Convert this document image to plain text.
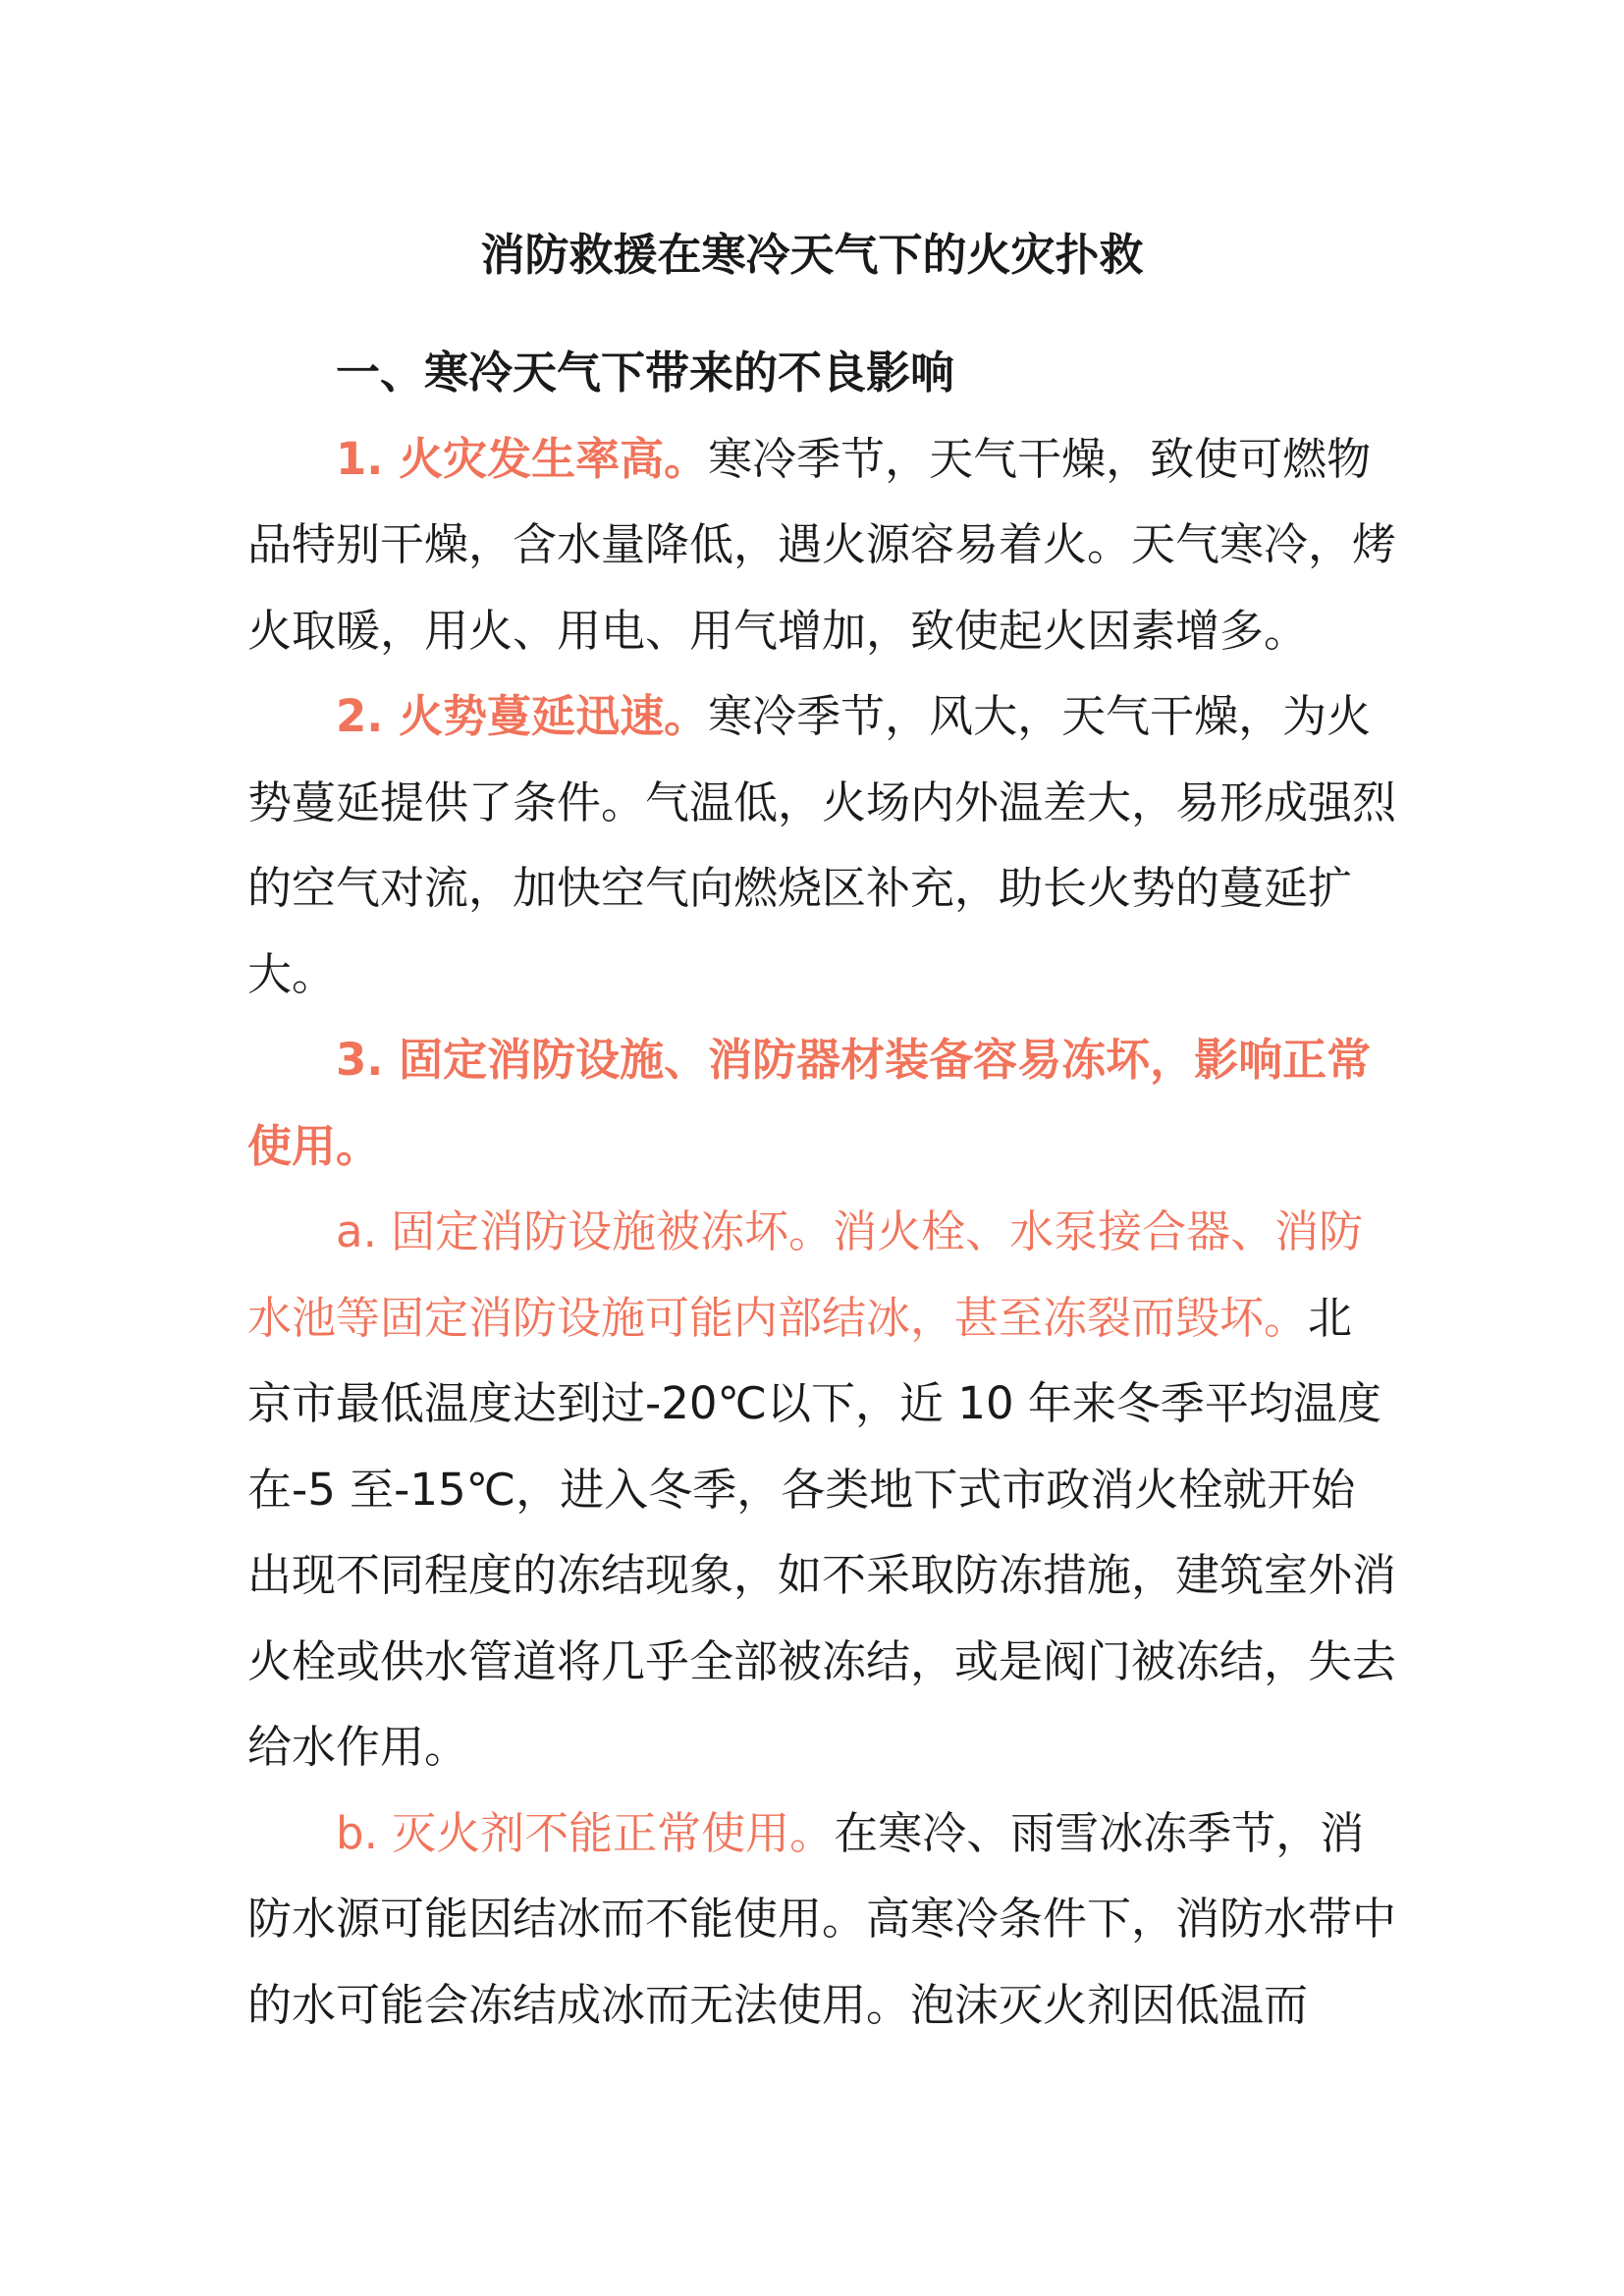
消防救援在寒冷天气下的火灾扑救

一、寒冷天气下带来的不良影响

1. 火灾发生率高。寒冷季节，天气干燥，致使可燃物品特别干燥，含水量降低，遇火源容易着火。天气寒冷，烤火取暖，用火、用电、用气增加，致使起火因素增多。

2. 火势蔓延迅速。寒冷季节，风大，天气干燥，为火势蔓延提供了条件。气温低，火场内外温差大，易形成强烈的空气对流，加快空气向燃烧区补充，助长火势的蔓延扩大。

3. 固定消防设施、消防器材装备容易冻坏，影响正常使用。

a. 固定消防设施被冻坏。消火栓、水泵接合器、消防水池等固定消防设施可能内部结冰，甚至冻裂而毁坏。北京市最低温度达到过-20℃以下，近 10 年来冬季平均温度在-5 至-15℃，进入冬季，各类地下式市政消火栓就开始出现不同程度的冻结现象，如不采取防冻措施，建筑室外消火栓或供水管道将几乎全部被冻结，或是阀门被冻结，失去给水作用。

b. 灭火剂不能正常使用。在寒冷、雨雪冰冻季节，消防水源可能因结冰而不能使用。高寒冷条件下，消防水带中的水可能会冻结成冰而无法使用。泡沫灭火剂因低温而
